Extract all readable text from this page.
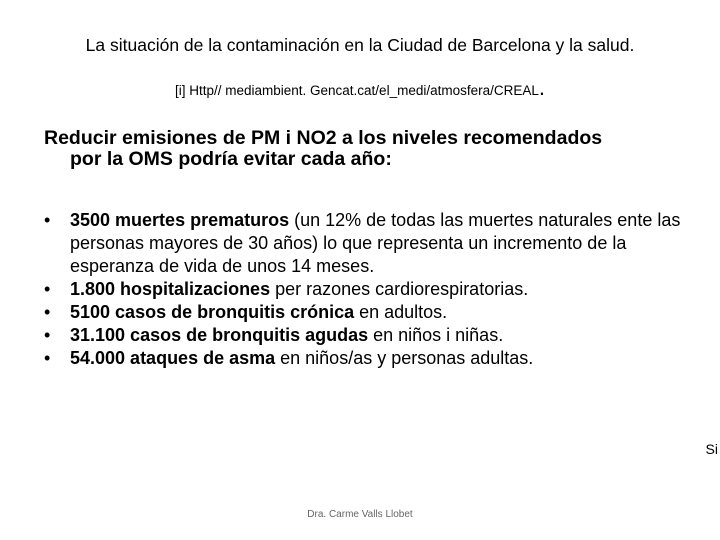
La situación de la contaminación en la Ciudad de Barcelona y la salud.
[i] Http// mediambient. Gencat.cat/el_medi/atmosfera/CREAL.
Reducir emisiones de PM i NO2 a los niveles recomendados
por la OMS podría evitar cada año:
• 3500 muertes prematuros (un 12% de todas las muertes naturales ente las personas mayores de 30 años) lo que representa un incremento de la esperanza de vida de unos 14 meses.
• 1.800 hospitalizaciones per razones cardiorespiratorias.
• 5100 casos de bronquitis crónica en adultos.
• 31.100 casos de bronquitis agudas en niños i niñas.
• 54.000 ataques de asma en niños/as y personas adultas.
Si
Dra. Carme Valls Llobet
